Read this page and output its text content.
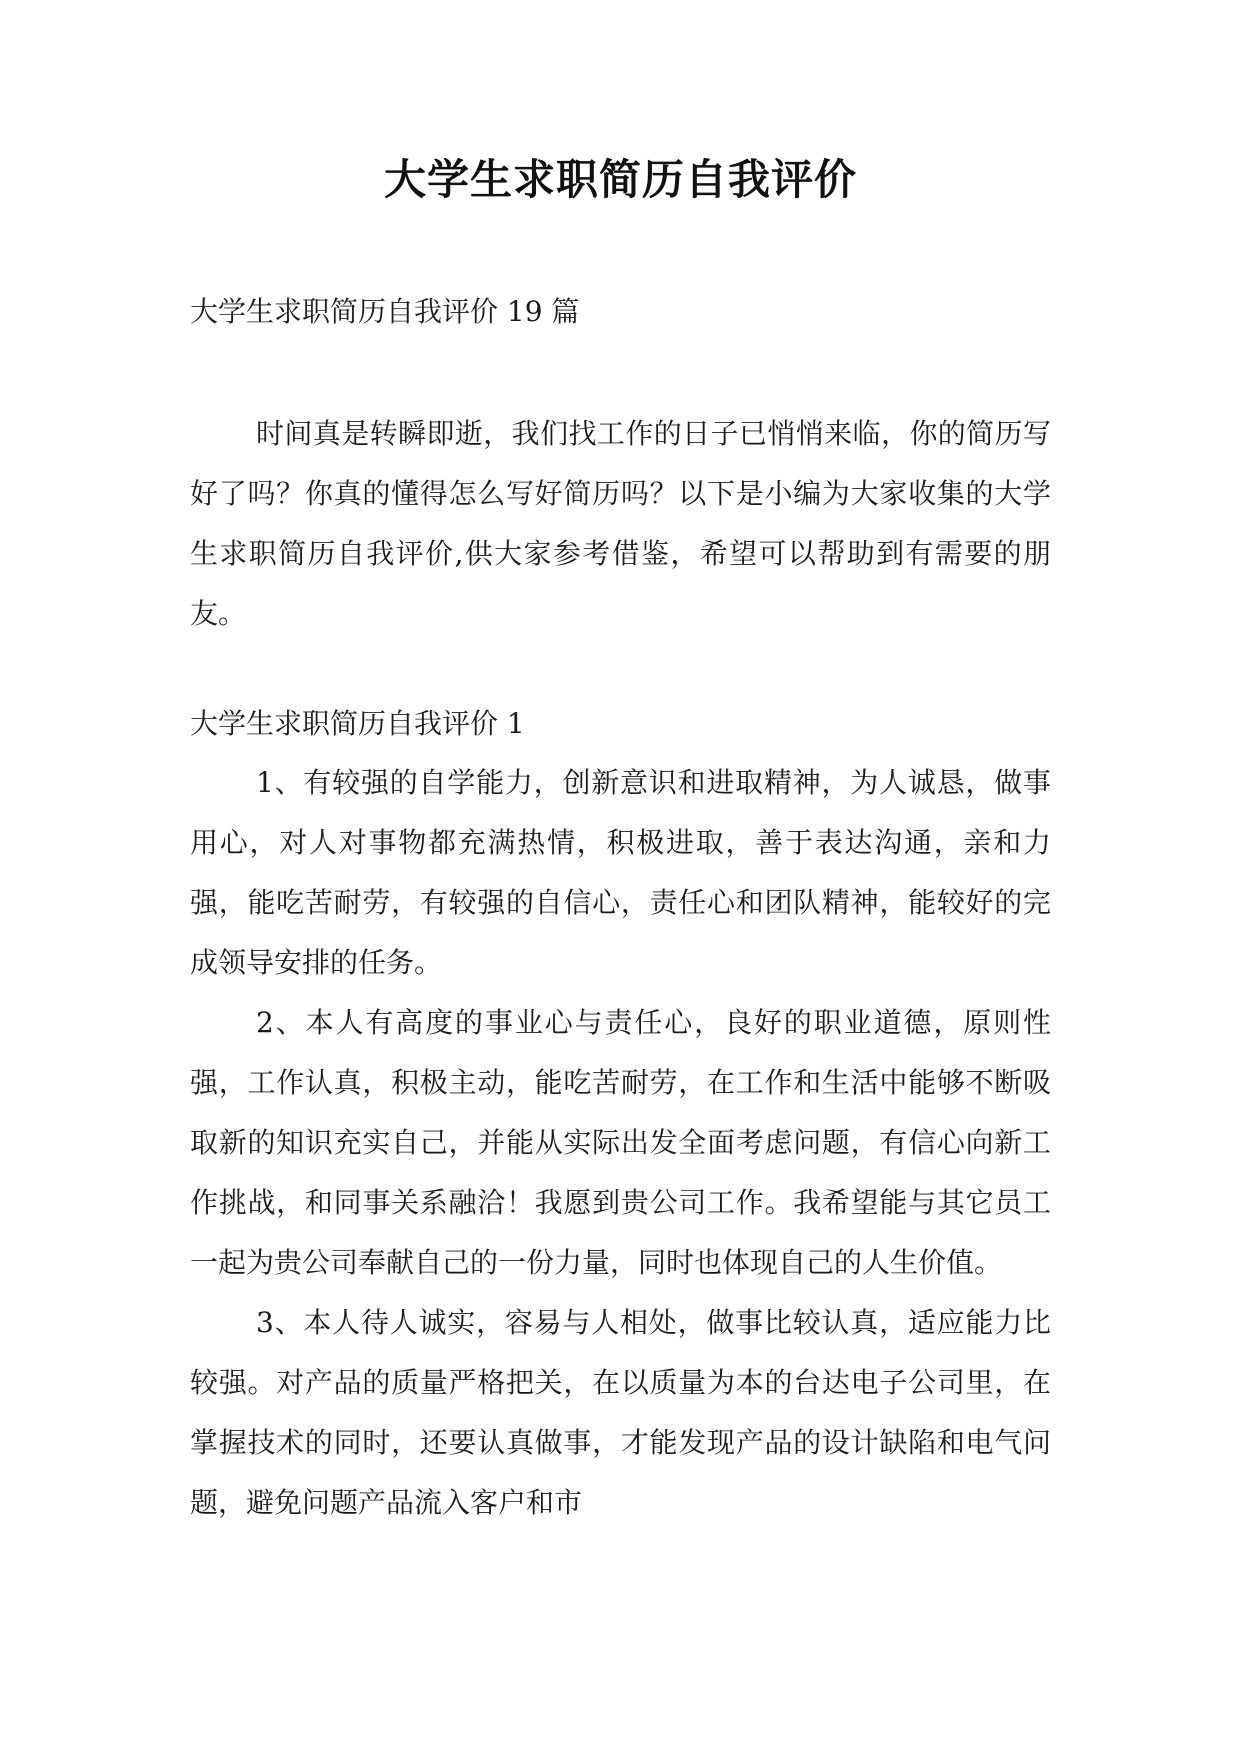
大学生求职简历自我评价
大学生求职简历自我评价 19 篇
时间真是转瞬即逝，我们找工作的日子已悄悄来临，你的简历写好了吗？你真的懂得怎么写好简历吗？以下是小编为大家收集的大学生求职简历自我评价,供大家参考借鉴，希望可以帮助到有需要的朋友。
大学生求职简历自我评价 1

1、有较强的自学能力，创新意识和进取精神，为人诚恳，做事用心，对人对事物都充满热情，积极进取，善于表达沟通，亲和力强，能吃苦耐劳，有较强的自信心，责任心和团队精神，能较好的完成领导安排的任务。

2、本人有高度的事业心与责任心，良好的职业道德，原则性强，工作认真，积极主动，能吃苦耐劳，在工作和生活中能够不断吸取新的知识充实自己，并能从实际出发全面考虑问题，有信心向新工作挑战，和同事关系融洽！我愿到贵公司工作。我希望能与其它员工一起为贵公司奉献自己的一份力量，同时也体现自己的人生价值。

3、本人待人诚实，容易与人相处，做事比较认真，适应能力比较强。对产品的质量严格把关，在以质量为本的台达电子公司里，在掌握技术的同时，还要认真做事，才能发现产品的设计缺陷和电气问题，避免问题产品流入客户和市
